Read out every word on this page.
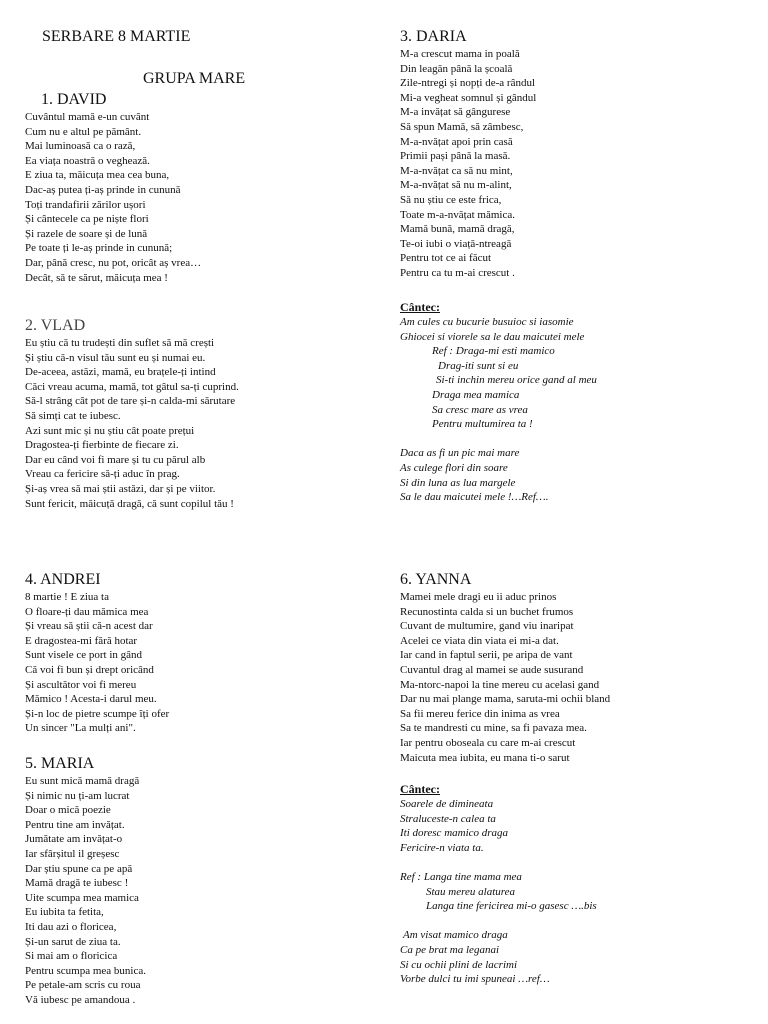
SERBARE 8 MARTIE
GRUPA MARE
1. DAVID
Cuvântul mamă e-un cuvânt
Cum nu e altul pe pământ.
Mai luminoasă ca o rază,
Ea viața noastră o veghează.
E ziua ta, măicuța mea cea buna,
Dac-aș putea ți-aș prinde in cunună
Toți trandafirii zărilor ușori
Și cântecele ca pe niște flori
Și razele de soare și de lună
Pe toate ți le-aș prinde in cunună;
Dar, până cresc, nu pot, oricât aș vrea…
Decât, să te sărut, măicuța mea !
2. VLAD
Eu știu că tu trudești din suflet să mă crești
Și știu că-n visul tău sunt eu și numai eu.
De-aceea, astăzi, mamă, eu brațele-ți intind
Căci vreau acuma, mamă, tot gâtul sa-ți cuprind.
Să-l strâng cât pot de tare și-n calda-mi sărutare
Să simți cat te iubesc.
Azi sunt mic și nu știu cât poate prețui
Dragostea-ți fierbinte de fiecare zi.
Dar eu când voi fi mare și tu cu părul alb
Vreau ca fericire să-ți aduc în prag.
Și-aș vrea să mai știi astăzi, dar și pe viitor.
Sunt fericit, măicuță dragă, că sunt copilul tău !
4. ANDREI
8 martie ! E ziua ta
O floare-ți dau mămica mea
Și vreau să știi că-n acest dar
E dragostea-mi fără hotar
Sunt visele ce port in gând
Că voi fi bun și drept oricând
Și ascultător voi fi mereu
Mămico ! Acesta-i darul meu.
Și-n loc de pietre scumpe îți ofer
Un sincer "La mulți ani".
5. MARIA
Eu sunt mică mamă dragă
Și nimic nu ți-am lucrat
Doar o mică poezie
Pentru tine am invățat.
Jumătate am invățat-o
Iar sfârșitul il greșesc
Dar știu spune ca pe apă
Mamă dragă te iubesc !
Uite scumpa mea mamica
Eu iubita ta fetita,
Iti dau azi o floricea,
Și-un sarut de ziua ta.
Si mai am o floricica
Pentru scumpa mea bunica.
Pe petale-am scris cu roua
Vă iubesc pe amandoua .
3. DARIA
M-a crescut mama in poală
Din leagăn până la școală
Zile-ntregi și nopți de-a rândul
Mi-a vegheat somnul și gândul
M-a invățat să gângurese
Să spun Mamă, să zâmbesc,
M-a-nvățat apoi prin casă
Primii pași până la masă.
M-a-nvățat ca să nu mint,
M-a-nvățat să nu m-alint,
Să nu știu ce este frica,
Toate m-a-nvățat mămica.
Mamă bună, mamă dragă,
Te-oi iubi o viață-ntreagă
Pentru tot ce ai făcut
Pentru ca tu m-ai crescut .
Cântec:
Am cules cu bucurie busuioc si iasomie
Ghiocei si viorele sa le dau maicutei mele
Ref : Draga-mi esti mamico
Drag-iti sunt si eu
Si-ti inchin mereu orice gand al meu
Draga mea mamica
Sa cresc mare as vrea
Pentru multumirea ta !
Daca as fi un pic mai mare
As culege flori din soare
Si din luna as lua margele
Sa le dau maicutei mele !…Ref….
6. YANNA
Mamei mele dragi eu ii aduc prinos
Recunostinta calda si un buchet frumos
Cuvant de multumire, gand viu inaripat
Acelei ce viata din viata ei mi-a dat.
Iar cand in faptul serii, pe aripa de vant
Cuvantul drag al mamei se aude susurand
Ma-ntorc-napoi la tine mereu cu acelasi gand
Dar nu mai plange mama, saruta-mi ochii bland
Sa fii mereu ferice din inima as vrea
Sa te mandresti cu mine, sa fi pavaza mea.
Iar pentru oboseala cu care m-ai crescut
Maicuta mea iubita, eu mana ti-o sarut
Cântec:
Soarele de dimineata
Straluceste-n calea ta
Iti doresc mamico draga
Fericire-n viata ta.
Ref : Langa tine mama mea
Stau mereu alaturea
Langa tine fericirea mi-o gasesc ….bis
Am visat mamico draga
Ca pe brat ma leganai
Si cu ochii plini de lacrimi
Vorbe dulci tu imi spuneai …ref…
